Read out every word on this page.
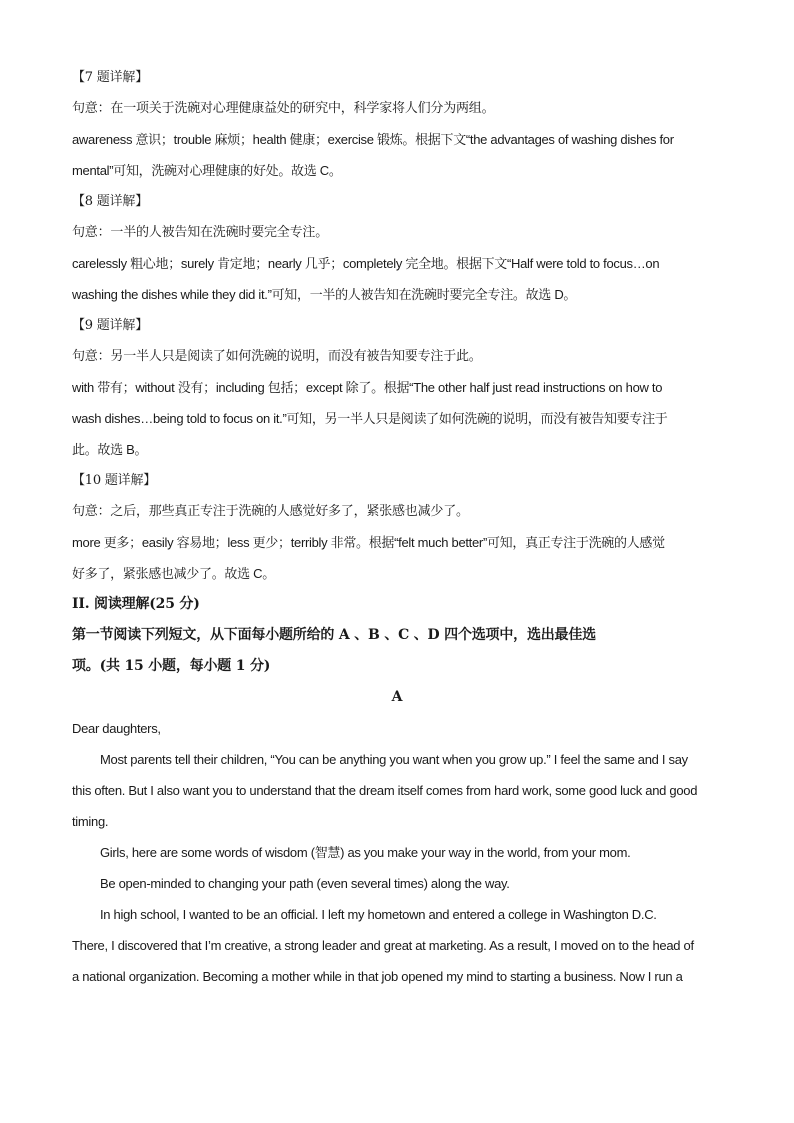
【7 题详解】
句意：在一项关于洗碗对心理健康益处的研究中，科学家将人们分为两组。
awareness 意识；trouble 麻烦；health 健康；exercise 锻炼。根据下文“the advantages of washing dishes for
mental”可知，洗碗对心理健康的好处。故选 C。
【8 题详解】
句意：一半的人被告知在洗碗时要完全专注。
carelessly 粗心地；surely 肯定地；nearly 几乎；completely 完全地。根据下文“Half were told to focus…on
washing the dishes while they did it.”可知，一半的人被告知在洗碗时要完全专注。故选 D。
【9 题详解】
句意：另一半人只是阅读了如何洗碗的说明，而没有被告知要专注于此。
with 带有；without 没有；including 包括；except 除了。根据“The other half just read instructions on how to
wash dishes…being told to focus on it.”可知，另一半人只是阅读了如何洗碗的说明，而没有被告知要专注于
此。故选 B。
【10 题详解】
句意：之后，那些真正专注于洗碗的人感觉好多了，紧张感也减少了。
more 更多；easily 容易地；less 更少；terribly 非常。根据“felt much better”可知，真正专注于洗碗的人感觉
好多了，紧张感也减少了。故选 C。
II. 阅读理解(25 分)
第一节阅读下列短文，从下面每小题所给的 A 、B 、C 、D 四个选项中，选出最佳选
项。(共 15 小题，每小题 1 分)
A
Dear daughters,
Most parents tell their children, “You can be anything you want when you grow up.” I feel the same and I say
this often. But I also want you to understand that the dream itself comes from hard work, some good luck and good
timing.
Girls, here are some words of wisdom (智慧) as you make your way in the world, from your mom.
Be open-minded to changing your path (even several times) along the way.
In high school, I wanted to be an official. I left my hometown and entered a college in Washington D.C.
There, I discovered that I’m creative, a strong leader and great at marketing. As a result, I moved on to the head of
a national organization. Becoming a mother while in that job opened my mind to starting a business. Now I run a
